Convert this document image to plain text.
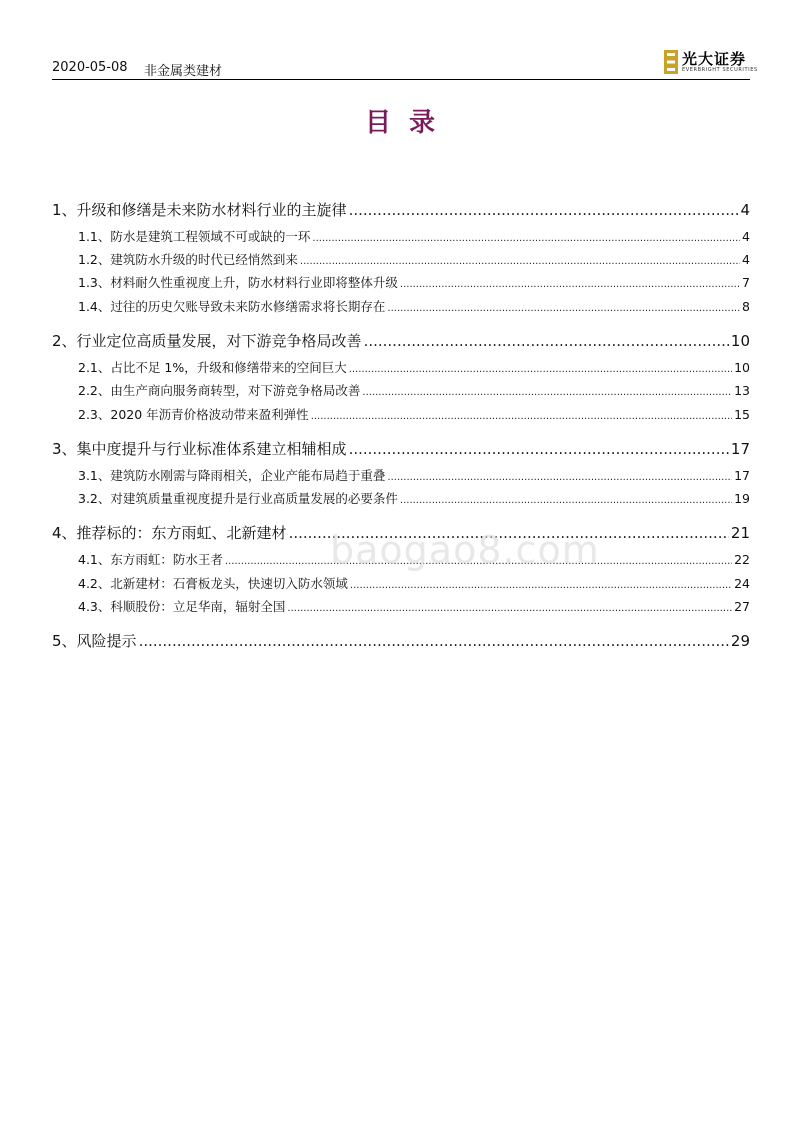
2020-05-08 非金属类建材
光大证券
EVERBRIGHT SECURITIES
目录
1、 升级和修缮是未来防水材料行业的主旋律 .....	4
1.1、 防水是建筑工程领域不可或缺的一环 .....	4
1.2、 建筑防水升级的时代已经悄然到来 .....	4
1.3、 材料耐久性重视度上升，防水材料行业即将整体升级 .....	7
1.4、 过往的历史欠账导致未来防水修缮需求将长期存在 .....	8
2、 行业定位高质量发展，对下游竞争格局改善 .....	10
2.1、 占比不足 1%，升级和修缮带来的空间巨大 .....	10
2.2、 由生产商向服务商转型，对下游竞争格局改善 .....	13
2.3、 2020 年沥青价格波动带来盈利弹性 .....	15
3、 集中度提升与行业标准体系建立相辅相成 .....	17
3.1、 建筑防水刚需与降雨相关，企业产能布局趋于重叠 .....	17
3.2、 对建筑质量重视度提升是行业高质量发展的必要条件 .....	19
4、 推荐标的：东方雨虹、北新建材 .....	21
4.1、 东方雨虹：防水王者 .....	22
4.2、 北新建材：石膏板龙头，快速切入防水领域 .....	24
4.3、 科顺股份：立足华南，辐射全国 .....	27
5、 风险提示 .....	29
baogao8.com
